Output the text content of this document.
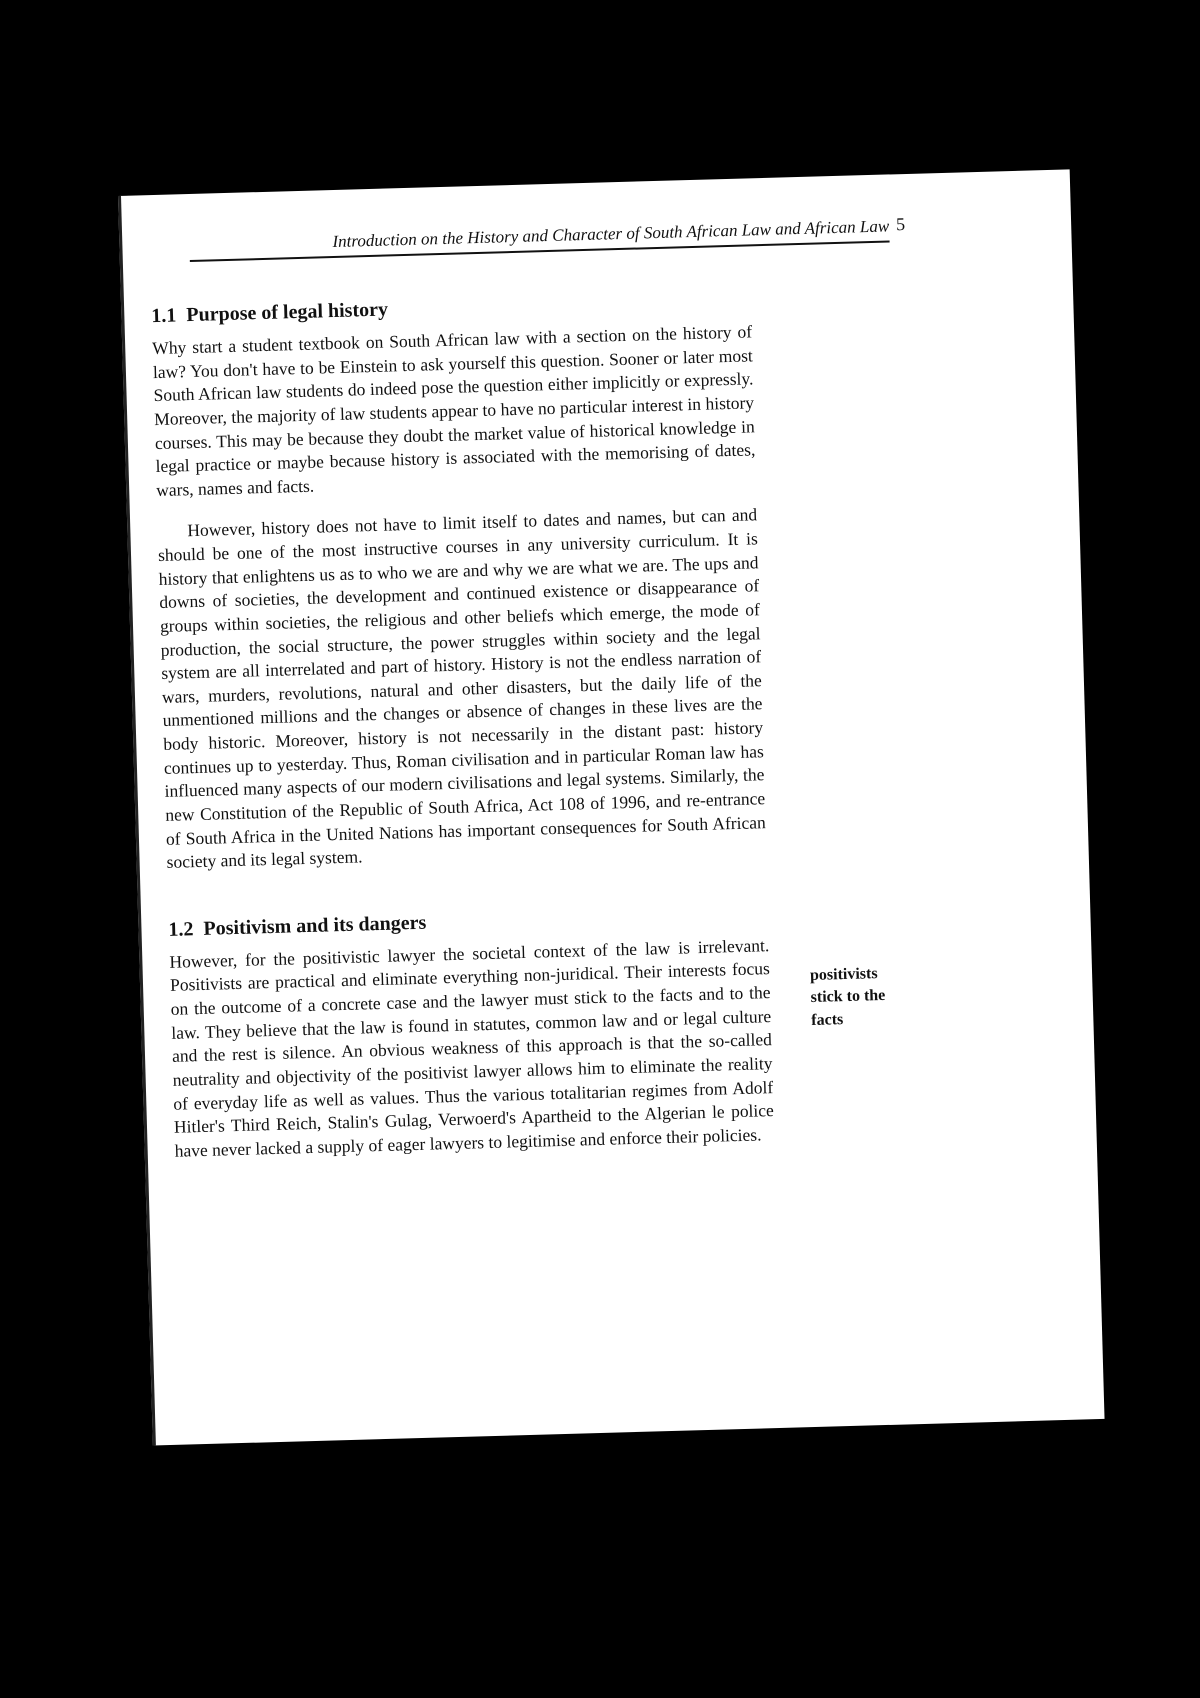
Introduction on the History and Character of South African Law and African Law 5
1.1 Purpose of legal history

Why start a student textbook on South African law with a section on the history of law? You don't have to be Einstein to ask yourself this question. Sooner or later most South African law students do indeed pose the question either implicitly or expressly. Moreover, the majority of law students appear to have no particular interest in history courses. This may be because they doubt the market value of historical knowledge in legal practice or maybe because history is associated with the memorising of dates, wars, names and facts.

However, history does not have to limit itself to dates and names, but can and should be one of the most instructive courses in any university curriculum. It is history that enlightens us as to who we are and why we are what we are. The ups and downs of societies, the development and continued existence or disappearance of groups within societies, the religious and other beliefs which emerge, the mode of production, the social structure, the power struggles within society and the legal system are all interrelated and part of history. History is not the endless narration of wars, murders, revolutions, natural and other disasters, but the daily life of the unmentioned millions and the changes or absence of changes in these lives are the body historic. Moreover, history is not necessarily in the distant past: history continues up to yesterday. Thus, Roman civilisation and in particular Roman law has influenced many aspects of our modern civilisations and legal systems. Similarly, the new Constitution of the Republic of South Africa, Act 108 of 1996, and re-entrance of South Africa in the United Nations has important consequences for South African society and its legal system.

1.2 Positivism and its dangers

However, for the positivistic lawyer the societal context of the law is irrelevant. Positivists are practical and eliminate everything non-juridical. Their interests focus on the outcome of a concrete case and the lawyer must stick to the facts and to the law. They believe that the law is found in statutes, common law and or legal culture and the rest is silence. An obvious weakness of this approach is that the so-called neutrality and objectivity of the positivist lawyer allows him to eliminate the reality of everyday life as well as values. Thus the various totalitarian regimes from Adolf Hitler's Third Reich, Stalin's Gulag, Verwoerd's Apartheid to the Algerian le police have never lacked a supply of eager lawyers to legitimise and enforce their policies.

positivists stick to the facts
